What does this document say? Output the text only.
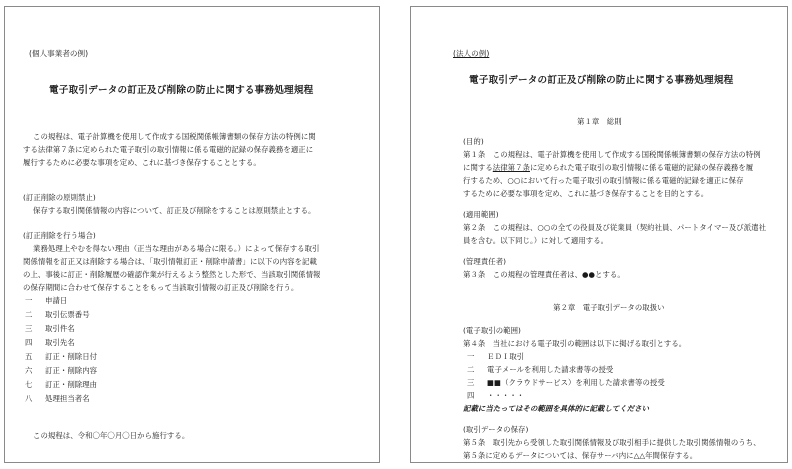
(個人事業者の例)
電子取引データの訂正及び削除の防止に関する事務処理規程
この規程は、電子計算機を使用して作成する国税関係帳簿書類の保存方法の特例に関
する法律第７条に定められた電子取引の取引情報に係る電磁的記録の保存義務を適正に
履行するために必要な事項を定め、これに基づき保存することとする。
(訂正削除の原則禁止)
保存する取引関係情報の内容について、訂正及び削除をすることは原則禁止とする。
(訂正削除を行う場合)
業務処理上やむを得ない理由（正当な理由がある場合に限る。）によって保存する取引
関係情報を訂正又は削除する場合は、「取引情報訂正・削除申請書」に以下の内容を記載
の上、事後に訂正・削除履歴の確認作業が行えるよう整然とした形で、当該取引関係情報
の保存期間に合わせて保存することをもって当該取引情報の訂正及び削除を行う。
一 申請日
二 取引伝票番号
三 取引件名
四 取引先名
五 訂正・削除日付
六 訂正・削除内容
七 訂正・削除理由
八 処理担当者名
この規程は、令和〇年〇月〇日から施行する。
(法人の例)
電子取引データの訂正及び削除の防止に関する事務処理規程
第１章　総則
(目的)
第１条　この規程は、電子計算機を使用して作成する国税関係帳簿書類の保存方法の特例
に関する法律第７条に定められた電子取引の取引情報に係る電磁的記録の保存義務を履
行するため、○○において行った電子取引の取引情報に係る電磁的記録を適正に保存
するために必要な事項を定め、これに基づき保存することを目的とする。
(適用範囲)
第２条　この規程は、○○の全ての役員及び従業員（契約社員、パートタイマー及び派遣社
員を含む。以下同じ。）に対して適用する。
(管理責任者)
第３条　この規程の管理責任者は、●●とする。
第２章　電子取引データの取扱い
(電子取引の範囲)
第４条　当社における電子取引の範囲は以下に掲げる取引とする。
一 ＥＤＩ取引
二 電子メールを利用した請求書等の授受
三 ■■（クラウドサービス）を利用した請求書等の授受
四 ・・・・・
記載に当たってはその範囲を具体的に記載してください
(取引データの保存)
第５条　取引先から受領した取引関係情報及び取引相手に提供した取引関係情報のうち、
第５条に定めるデータについては、保存サーバ内に△△年間保存する。
